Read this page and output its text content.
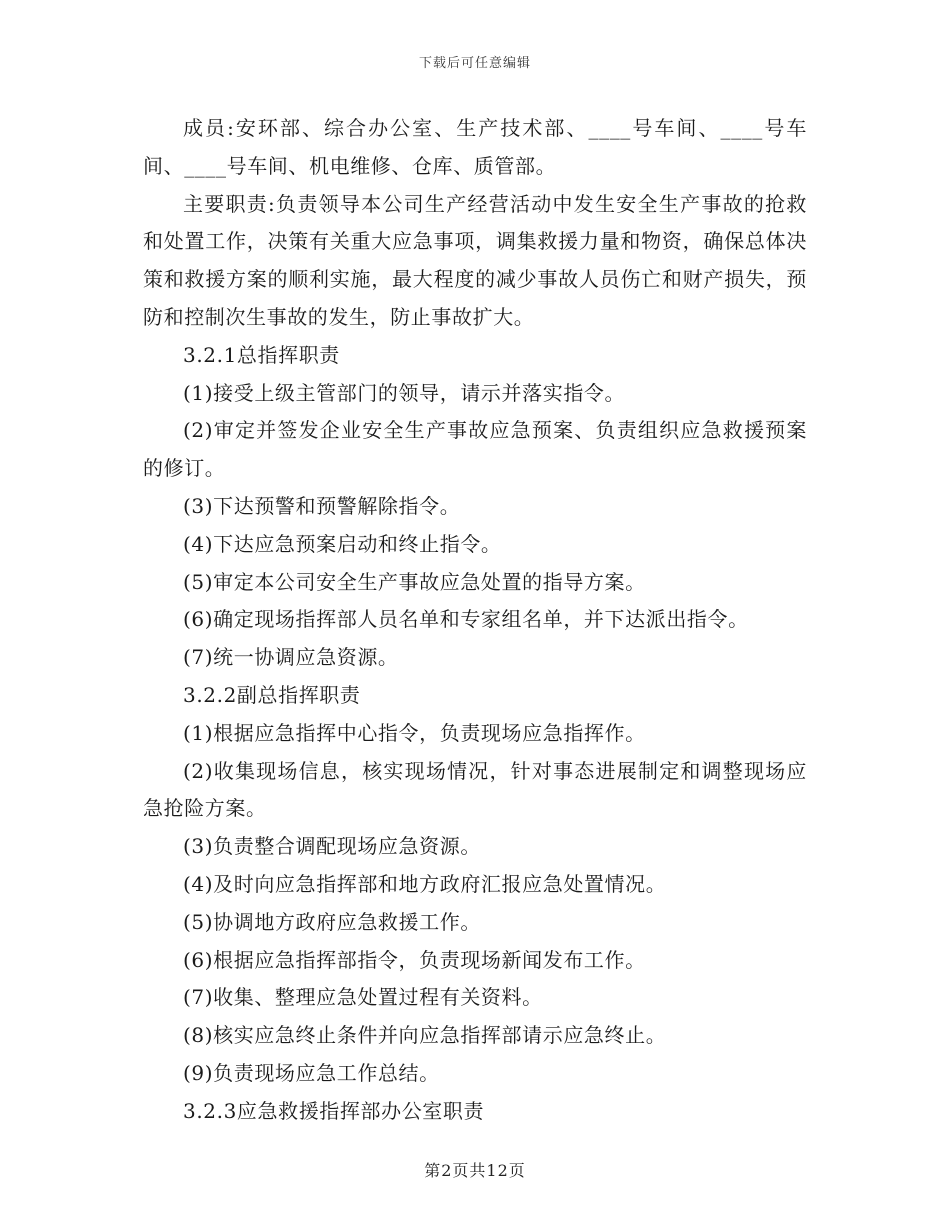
下载后可任意编辑

成员:安环部、综合办公室、生产技术部、____号车间、____号车间、____号车间、机电维修、仓库、质管部。

主要职责:负责领导本公司生产经营活动中发生安全生产事故的抢救和处置工作，决策有关重大应急事项，调集救援力量和物资，确保总体决策和救援方案的顺利实施，最大程度的减少事故人员伤亡和财产损失，预防和控制次生事故的发生，防止事故扩大。

3.2.1总指挥职责

(1)接受上级主管部门的领导，请示并落实指令。

(2)审定并签发企业安全生产事故应急预案、负责组织应急救援预案的修订。

(3)下达预警和预警解除指令。

(4)下达应急预案启动和终止指令。

(5)审定本公司安全生产事故应急处置的指导方案。

(6)确定现场指挥部人员名单和专家组名单，并下达派出指令。

(7)统一协调应急资源。

3.2.2副总指挥职责

(1)根据应急指挥中心指令，负责现场应急指挥作。

(2)收集现场信息，核实现场情况，针对事态进展制定和调整现场应急抢险方案。

(3)负责整合调配现场应急资源。

(4)及时向应急指挥部和地方政府汇报应急处置情况。

(5)协调地方政府应急救援工作。

(6)根据应急指挥部指令，负责现场新闻发布工作。

(7)收集、整理应急处置过程有关资料。

(8)核实应急终止条件并向应急指挥部请示应急终止。

(9)负责现场应急工作总结。

3.2.3应急救援指挥部办公室职责

第2页共12页
